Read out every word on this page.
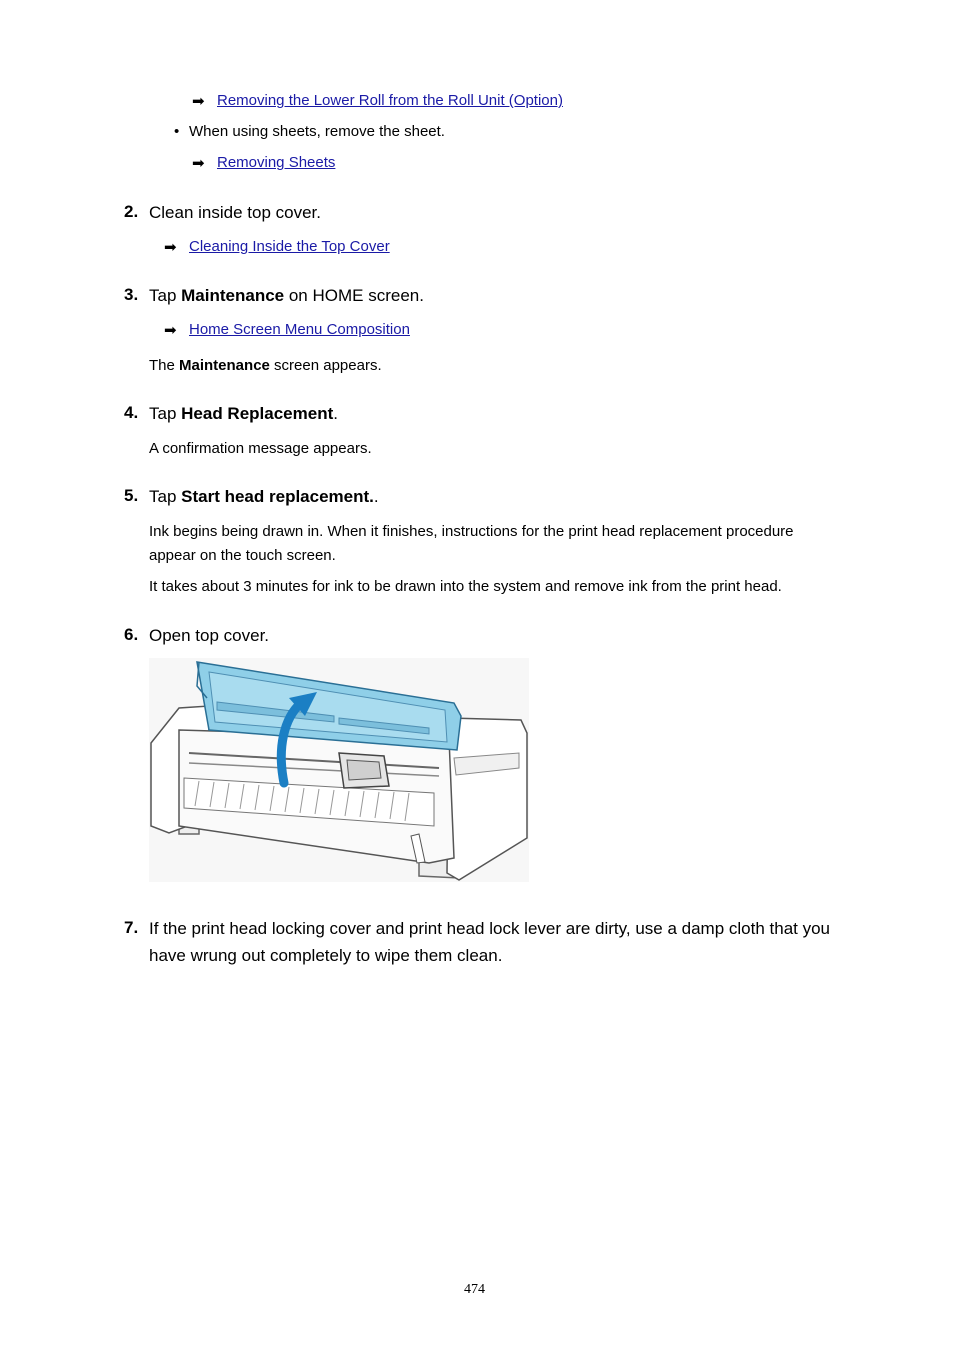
➡ Removing the Lower Roll from the Roll Unit (Option)
• When using sheets, remove the sheet.
➡ Removing Sheets
2. Clean inside top cover.
➡ Cleaning Inside the Top Cover
3. Tap Maintenance on HOME screen.
➡ Home Screen Menu Composition
The Maintenance screen appears.
4. Tap Head Replacement.
A confirmation message appears.
5. Tap Start head replacement..
Ink begins being drawn in. When it finishes, instructions for the print head replacement procedure appear on the touch screen.
It takes about 3 minutes for ink to be drawn into the system and remove ink from the print head.
6. Open top cover.
7. If the print head locking cover and print head lock lever are dirty, use a damp cloth that you have wrung out completely to wipe them clean.
474
